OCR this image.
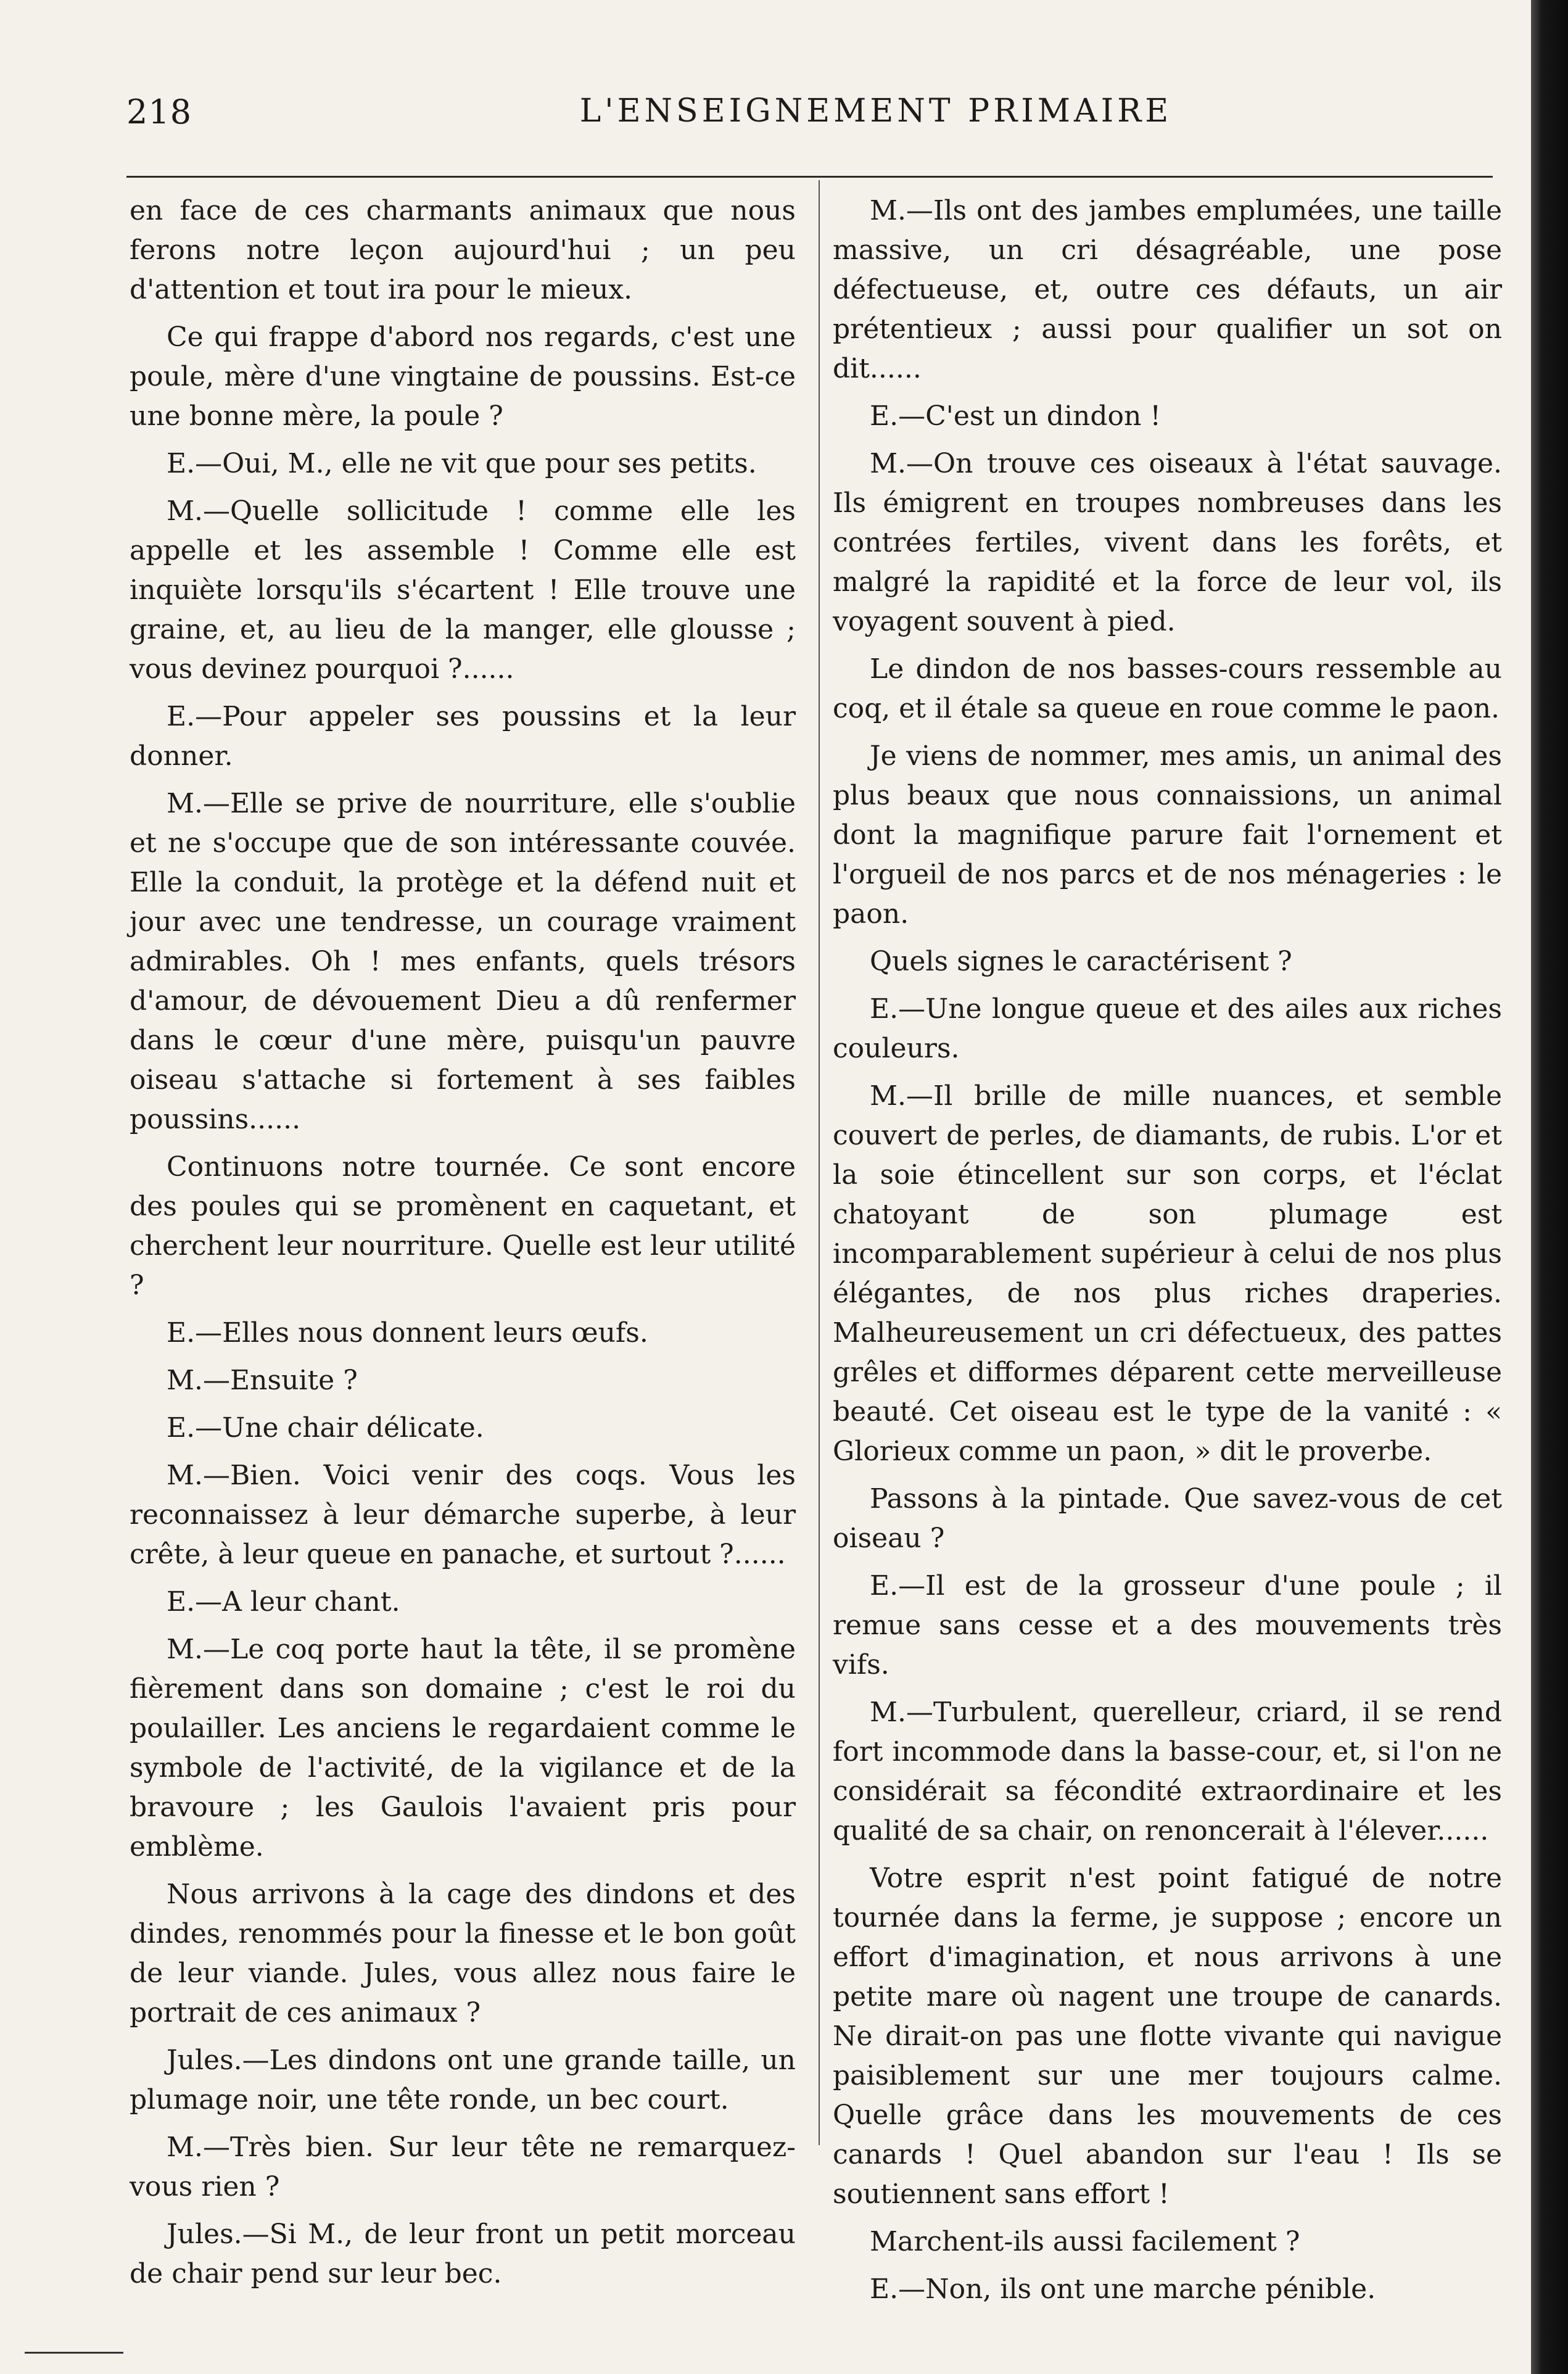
218	L'ENSEIGNEMENT PRIMAIRE

en face de ces charmants animaux que nous ferons notre leçon aujourd'hui ; un peu d'attention et tout ira pour le mieux.

Ce qui frappe d'abord nos regards, c'est une poule, mère d'une vingtaine de poussins. Est-ce une bonne mère, la poule ?

E.—Oui, M., elle ne vit que pour ses petits.

M.—Quelle sollicitude ! comme elle les appelle et les assemble ! Comme elle est inquiète lorsqu'ils s'écartent ! Elle trouve une graine, et, au lieu de la manger, elle glousse ; vous devinez pourquoi ?......

E.—Pour appeler ses poussins et la leur donner.

M.—Elle se prive de nourriture, elle s'oublie et ne s'occupe que de son intéressante couvée. Elle la conduit, la protège et la défend nuit et jour avec une tendresse, un courage vraiment admirables. Oh ! mes enfants, quels trésors d'amour, de dévouement Dieu a dû renfermer dans le cœur d'une mère, puisqu'un pauvre oiseau s'attache si fortement à ses faibles poussins......

Continuons notre tournée. Ce sont encore des poules qui se promènent en caquetant, et cherchent leur nourriture. Quelle est leur utilité ?

E.—Elles nous donnent leurs œufs.

M.—Ensuite ?

E.—Une chair délicate.

M.—Bien. Voici venir des coqs. Vous les reconnaissez à leur démarche superbe, à leur crête, à leur queue en panache, et surtout ?......

E.—A leur chant.

M.—Le coq porte haut la tête, il se promène fièrement dans son domaine ; c'est le roi du poulailler. Les anciens le regardaient comme le symbole de l'activité, de la vigilance et de la bravoure ; les Gaulois l'avaient pris pour emblème.

Nous arrivons à la cage des dindons et des dindes, renommés pour la finesse et le bon goût de leur viande. Jules, vous allez nous faire le portrait de ces animaux ?

Jules.—Les dindons ont une grande taille, un plumage noir, une tête ronde, un bec court.

M.—Très bien. Sur leur tête ne remarquez-vous rien ?

Jules.—Si M., de leur front un petit morceau de chair pend sur leur bec.

M.—Ils ont des jambes emplumées, une taille massive, un cri désagréable, une pose défectueuse, et, outre ces défauts, un air prétentieux ; aussi pour qualifier un sot on dit......

E.—C'est un dindon !

M.—On trouve ces oiseaux à l'état sauvage. Ils émigrent en troupes nombreuses dans les contrées fertiles, vivent dans les forêts, et malgré la rapidité et la force de leur vol, ils voyagent souvent à pied.

Le dindon de nos basses-cours ressemble au coq, et il étale sa queue en roue comme le paon.

Je viens de nommer, mes amis, un animal des plus beaux que nous connaissions, un animal dont la magnifique parure fait l'ornement et l'orgueil de nos parcs et de nos ménageries : le paon.

Quels signes le caractérisent ?

E.—Une longue queue et des ailes aux riches couleurs.

M.—Il brille de mille nuances, et semble couvert de perles, de diamants, de rubis. L'or et la soie étincellent sur son corps, et l'éclat chatoyant de son plumage est incomparablement supérieur à celui de nos plus élégantes, de nos plus riches draperies. Malheureusement un cri défectueux, des pattes grêles et difformes déparent cette merveilleuse beauté. Cet oiseau est le type de la vanité : « Glorieux comme un paon, » dit le proverbe.

Passons à la pintade. Que savez-vous de cet oiseau ?

E.—Il est de la grosseur d'une poule ; il remue sans cesse et a des mouvements très vifs.

M.—Turbulent, querelleur, criard, il se rend fort incommode dans la basse-cour, et, si l'on ne considérait sa fécondité extraordinaire et les qualité de sa chair, on renoncerait à l'élever......

Votre esprit n'est point fatigué de notre tournée dans la ferme, je suppose ; encore un effort d'imagination, et nous arrivons à une petite mare où nagent une troupe de canards. Ne dirait-on pas une flotte vivante qui navigue paisiblement sur une mer toujours calme. Quelle grâce dans les mouvements de ces canards ! Quel abandon sur l'eau ! Ils se soutiennent sans effort !

Marchent-ils aussi facilement ?

E.—Non, ils ont une marche pénible.
